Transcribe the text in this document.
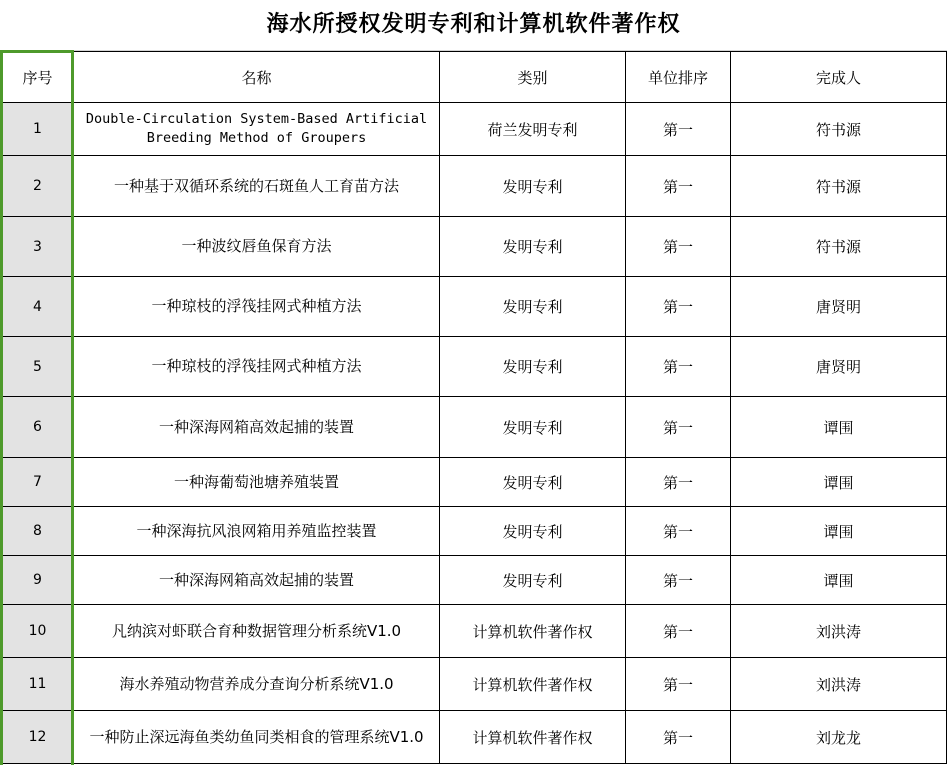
海水所授权发明专利和计算机软件著作权
序号	名称	类别	单位排序	完成人
1	Double-Circulation System-Based Artificial Breeding Method of Groupers	荷兰发明专利	第一	符书源
2	一种基于双循环系统的石斑鱼人工育苗方法	发明专利	第一	符书源
3	一种波纹唇鱼保育方法	发明专利	第一	符书源
4	一种琼枝的浮筏挂网式种植方法	发明专利	第一	唐贤明
5	一种琼枝的浮筏挂网式种植方法	发明专利	第一	唐贤明
6	一种深海网箱高效起捕的装置	发明专利	第一	谭围
7	一种海葡萄池塘养殖装置	发明专利	第一	谭围
8	一种深海抗风浪网箱用养殖监控装置	发明专利	第一	谭围
9	一种深海网箱高效起捕的装置	发明专利	第一	谭围
10	凡纳滨对虾联合育种数据管理分析系统V1.0	计算机软件著作权	第一	刘洪涛
11	海水养殖动物营养成分查询分析系统V1.0	计算机软件著作权	第一	刘洪涛
12	一种防止深远海鱼类幼鱼同类相食的管理系统V1.0	计算机软件著作权	第一	刘龙龙
